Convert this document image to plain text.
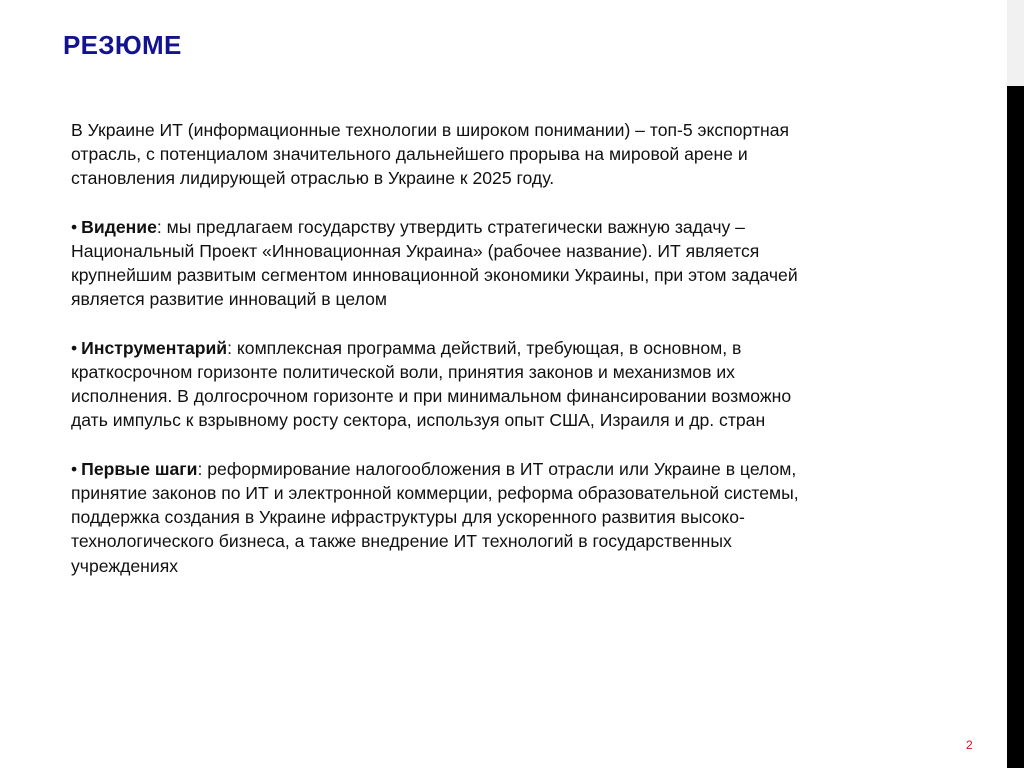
РЕЗЮМЕ

В Украине ИТ (информационные технологии в широком понимании) – топ-5 экспортная отрасль, с потенциалом значительного дальнейшего прорыва на мировой арене и становления лидирующей отраслью в Украине к 2025 году.

• Видение: мы предлагаем государству утвердить стратегически важную задачу – Национальный Проект «Инновационная Украина» (рабочее название). ИТ является крупнейшим развитым сегментом инновационной экономики Украины, при этом задачей является развитие инноваций в целом

• Инструментарий: комплексная программа действий, требующая, в основном, в краткосрочном горизонте политической воли, принятия законов и механизмов их исполнения. В долгосрочном горизонте и при минимальном финансировании возможно дать импульс к взрывному росту сектора, используя опыт США, Израиля и др. стран

• Первые шаги: реформирование налогообложения в ИТ отрасли или Украине в целом, принятие законов по ИТ и электронной коммерции, реформа образовательной системы, поддержка создания в Украине ифраструктуры для ускоренного развития высоко-технологического бизнеса, а также внедрение ИТ технологий в государственных учреждениях

2
